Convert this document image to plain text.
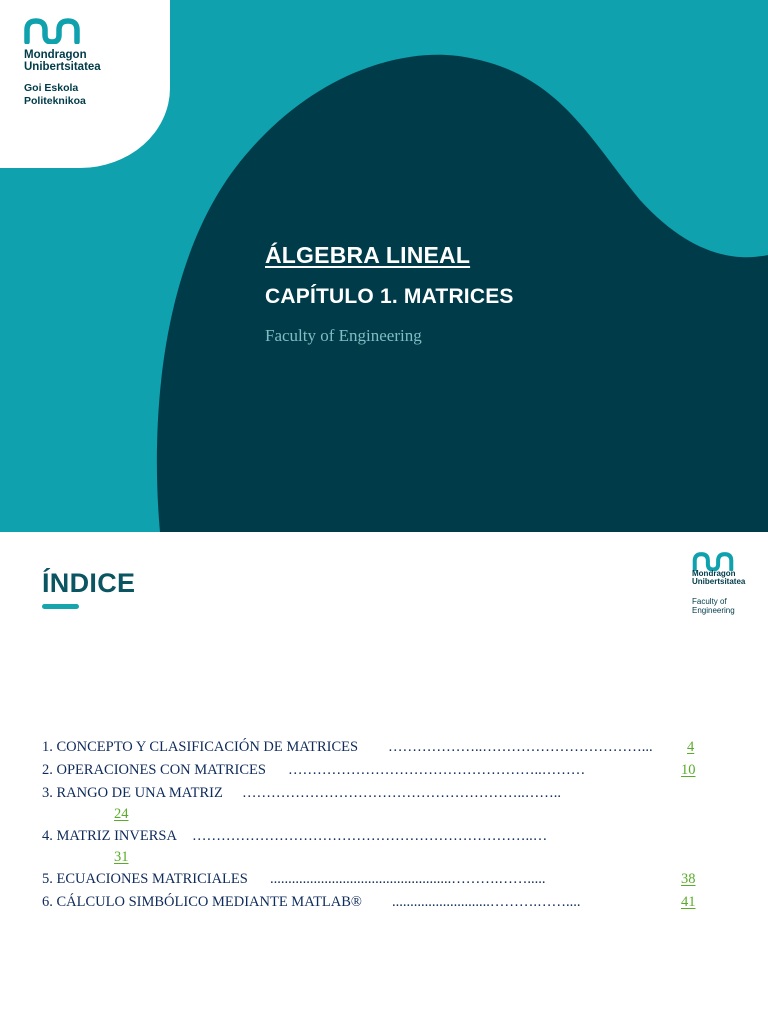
Mondragon
Unibertsitatea
Goi Eskola
Politeknikoa
ÁLGEBRA LINEAL
CAPÍTULO 1. MATRICES

Faculty of Engineering

ÍNDICE	Mondragon
Unibertsitatea
Faculty of
Engineering
………………..……………………………...
1. CONCEPTO Y CLASIFICACIÓN DE MATRICES	4
……………………………………………..………
2. OPERACIONES CON MATRICES	10
…………………………………………………..……..
3. RANGO DE UNA MATRIZ
24
……………………………………………………………..…
4. MATRIZ INVERSA
31
..................................................……….…….....
5. ECUACIONES MATRICIALES	38
...........................……….……....
6. CÁLCULO SIMBÓLICO MEDIANTE MATLAB®	41
